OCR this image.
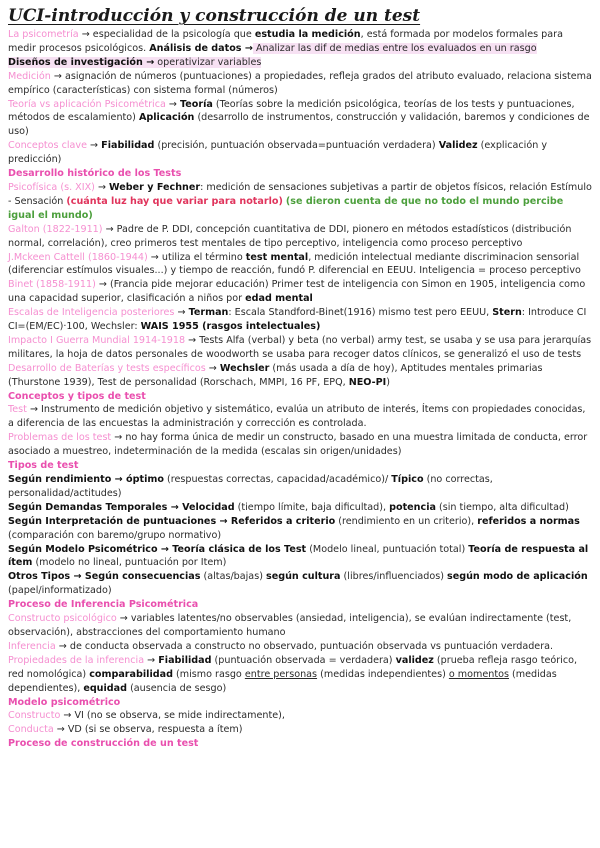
UCI-introducción y construcción de un test

La psicometría → especialidad de la psicología que estudia la medición, está formada por modelos formales para medir procesos psicológicos. Análisis de datos → Analizar las dif de medias entre los evaluados en un rasgo

Diseños de investigación → operativizar variables

Medición → asignación de números (puntuaciones) a propiedades, refleja grados del atributo evaluado, relaciona sistema empírico (características) con sistema formal (números)

Teoría vs aplicación Psicométrica → Teoría (Teorías sobre la medición psicológica, teorías de los tests y puntuaciones, métodos de escalamiento) Aplicación (desarrollo de instrumentos, construcción y validación, baremos y condiciones de uso)

Conceptos clave → Fiabilidad (precisión, puntuación observada=puntuación verdadera) Validez (explicación y predicción)

Desarrollo histórico de los Tests

Psicofísica (s. XIX) → Weber y Fechner: medición de sensaciones subjetivas a partir de objetos físicos, relación Estímulo - Sensación (cuánta luz hay que variar para notarlo) (se dieron cuenta de que no todo el mundo percibe igual el mundo)

Galton (1822-1911) → Padre de P. DDI, concepción cuantitativa de DDI, pionero en métodos estadísticos (distribución normal, correlación), creo primeros test mentales de tipo perceptivo, inteligencia como proceso perceptivo

J.Mckeen Cattell (1860-1944) → utiliza el término test mental, medición intelectual mediante discriminacion sensorial (diferenciar estímulos visuales...) y tiempo de reacción, fundó P. diferencial en EEUU. Inteligencia = proceso perceptivo

Binet (1858-1911) → (Francia pide mejorar educación) Primer test de inteligencia con Simon en 1905, inteligencia como una capacidad superior, clasificación a niños por edad mental

Escalas de Inteligencia posteriores → Terman: Escala Standford-Binet(1916) mismo test pero EEUU, Stern: Introduce CI CI=(EM/EC)·100, Wechsler: WAIS 1955 (rasgos intelectuales)

Impacto I Guerra Mundial 1914-1918 → Tests Alfa (verbal) y beta (no verbal) army test, se usaba y se usa para jerarquías militares, la hoja de datos personales de woodworth se usaba para recoger datos clínicos, se generalizó el uso de tests

Desarrollo de Baterías y tests específicos → Wechsler (más usada a día de hoy), Aptitudes mentales primarias (Thurstone 1939), Test de personalidad (Rorschach, MMPI, 16 PF, EPQ, NEO-PI)

Conceptos y tipos de test

Test → Instrumento de medición objetivo y sistemático, evalúa un atributo de interés, Ítems con propiedades conocidas, a diferencia de las encuestas la administración y corrección es controlada.

Problemas de los test → no hay forma única de medir un constructo, basado en una muestra limitada de conducta, error asociado a muestreo, indeterminación de la medida (escalas sin origen/unidades)

Tipos de test

Según rendimiento → óptimo (respuestas correctas, capacidad/académico)/ Típico (no correctas, personalidad/actitudes)

Según Demandas Temporales → Velocidad (tiempo límite, baja dificultad), potencia (sin tiempo, alta dificultad)

Según Interpretación de puntuaciones → Referidos a criterio (rendimiento en un criterio), referidos a normas (comparación con baremo/grupo normativo)

Según Modelo Psicométrico → Teoría clásica de los Test (Modelo lineal, puntuación total) Teoría de respuesta al ítem (modelo no lineal, puntuación por Item)

Otros Tipos → Según consecuencias (altas/bajas) según cultura (libres/influenciados) según modo de aplicación (papel/informatizado)

Proceso de Inferencia Psicométrica

Constructo psicológico → variables latentes/no observables (ansiedad, inteligencia), se evalúan indirectamente (test, observación), abstracciones del comportamiento humano

Inferencia → de conducta observada a constructo no observado, puntuación observada vs puntuación verdadera.

Propiedades de la inferencia → Fiabilidad (puntuación observada = verdadera) validez (prueba refleja rasgo teórico, red nomológica) comparabilidad (mismo rasgo entre personas (medidas independientes) o momentos (medidas dependientes), equidad (ausencia de sesgo)

Modelo psicométrico

Constructo → VI (no se observa, se mide indirectamente),

Conducta → VD (si se observa, respuesta a ítem)

Proceso de construcción de un test
